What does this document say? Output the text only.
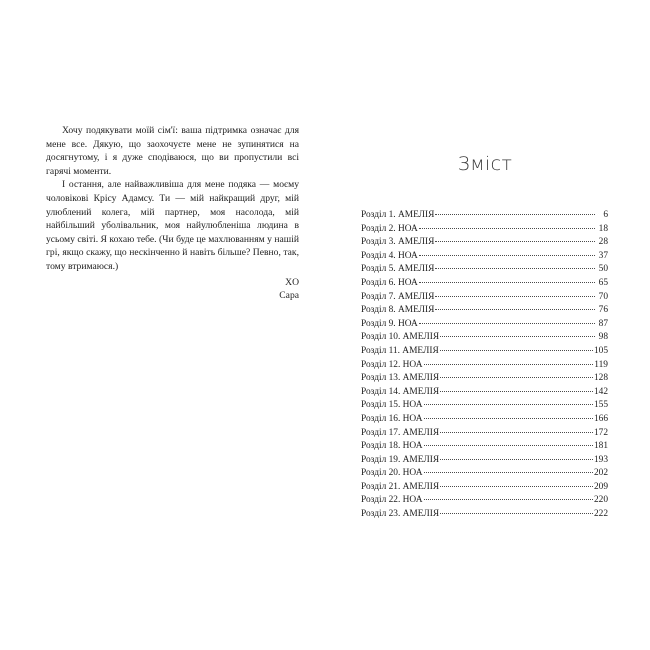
Хочу подякувати моїй сім'ї: ваша підтримка означає для мене все. Дякую, що заохочуєте мене не зупинятися на досягнутому, і я дуже сподіваюся, що ви пропустили всі гарячі моменти.

І остання, але найважливіша для мене подяка — моєму чоловікові Крісу Адамсу. Ти — мій найкращий друг, мій улюблений колега, мій партнер, моя насолода, мій найбільший уболівальник, моя найулюбленіша людина в усьому світі. Я кохаю тебе. (Чи буде це махлюванням у нашій грі, якщо скажу, що нескінченно й навіть більше? Певно, так, тому втримаюся.)

XO
Сара
Зміст
Розділ 1. АМЕЛІЯ	6
Розділ 2. НОА	18
Розділ 3. АМЕЛІЯ	28
Розділ 4. НОА	37
Розділ 5. АМЕЛІЯ	50
Розділ 6. НОА	65
Розділ 7. АМЕЛІЯ	70
Розділ 8. АМЕЛІЯ	76
Розділ 9. НОА	87
Розділ 10. АМЕЛІЯ	98
Розділ 11. АМЕЛІЯ	105
Розділ 12. НОА	119
Розділ 13. АМЕЛІЯ	128
Розділ 14. АМЕЛІЯ	142
Розділ 15. НОА	155
Розділ 16. НОА	166
Розділ 17. АМЕЛІЯ	172
Розділ 18. НОА	181
Розділ 19. АМЕЛІЯ	193
Розділ 20. НОА	202
Розділ 21. АМЕЛІЯ	209
Розділ 22. НОА	220
Розділ 23. АМЕЛІЯ	222
